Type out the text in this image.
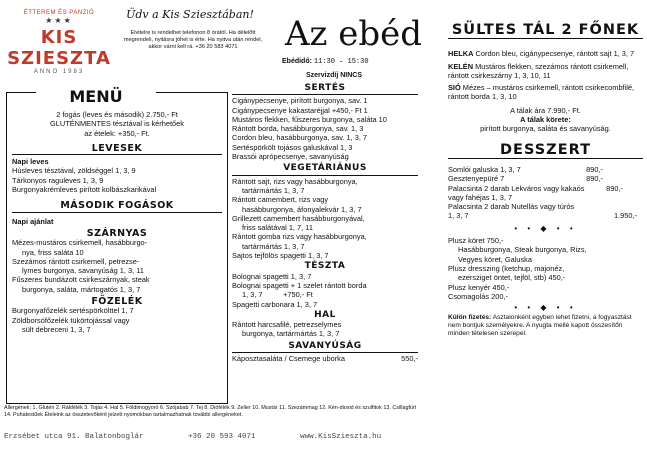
ÉTTEREM ÉS PANZIÓ
★★★
KIS SZIESZTA
ANNO 1983
Üdv a Kis Sziesztában!
Elvitelre is rendelhet telefonon 8 órától. Ha délelőtt megrendeli, nyitásra jöhet is érte. Ha nyitva után rendel, akkor várni kell rá. +36 20 583 4071	Az ebéd
Ebédidő: 11:30 – 15:30
Szervizdíj NINCS
MENÜ
2 fogás (leves és második) 2.750,- Ft
GLUTÉNMENTES tésztával is kérhetőek
az ételek: +350,- Ft.
LEVESEK
Napi leves
Húsleves tésztával, zöldséggel 1, 3, 9
Tárkonyos raguleves 1, 3, 9
Burgonyakrémleves pirított kolbászkarikával
MÁSODIK FOGÁSOK
Napi ajánlat
SZÁRNYAS
Mézes-mustáros csirkemell, hasábburgo-
nya, friss saláta 10
Szezámos rántott csirkemell, petrezse-
lymes burgonya, savanyúság 1, 3, 11
Fűszeres bundázott csirkeszárnyak, steak
burgonya, saláta, mártogatós 1, 3, 7
FŐZELÉK
Burgonyafőzelék sertéspörkölttel 1, 7
Zöldborsófőzelék tükörtojással vagy
sült debreceni 1, 3, 7
SERTÉS
Cigánypecsenye, pirított burgonya, sav. 1
Cigánypecsenye kakastaréjjal +450,- Ft 1
Mustáros flekken, fűszeres burgonya, saláta 10
Rántott borda, hasábburgonya, sav. 1, 3
Cordon bleu, hasábburgonya, sav. 1, 3, 7
Sertéspörkölt tojásos galuskával 1, 3
Brassói aprópecsenye, savanyúság
VEGETÁRIÁNUS
Rántott sajt, rizs vagy hasábburgonya,
tartármártás 1, 3, 7
Rántott camembert, rizs vagy
hasábburgonya, áfonyalekvár 1, 3, 7
Grillezett camembert hasábburgonyával,
friss salátával 1, 7, 11
Rántott gomba rizs vagy hasábburgonya,
tartármártás 1, 3, 7
Sajtos tejfölös spagetti 1, 3, 7
TÉSZTA
Bolognai spagetti 1, 3, 7
Bolognai spagetti + 1 szelet rántott borda
1, 3, 7          +750,- Ft
Spagetti carbonara 1, 3, 7
HAL
Rántott harcsafilé, petrezselymes
burgonya, tartármártás 1, 3, 7
SAVANYÚSÁG
Káposztasaláta / Csemege uborka	550,-
Allergének: 1. Glutén 2. Rákfélék 3. Tojás 4. Hal 5. Földimogyoró 6. Szójabab 7. Tej 8. Diófélék 9. Zeller 10. Mustár 11. Szezámmag 12. Kén-dioxid és szulfitok 13. Csillagfürt 14. Puhatestűek Ételeink az összetevőként jelzett nyomokban tartalmazhatnak további allergéneket.
Erzsébet utca 91. Balatonboglár	+36 20 593 4071	www.KisSzieszta.hu
SÜLTES TÁL 2 FŐNEK
HELKA Cordon bleu, cigánypecsenye, rántott sajt 1, 3, 7
KELÉN Mustáros flekken, szezámos rántott csirkemell, rántott csirkeszárny 1, 3, 10, 11
SIÓ Mézes – mustáros csirkemell, rántott csirkecombfilé, rántott borda 1, 3, 10
A tálak ára 7.990,- Ft.
A tálak körete:
pirított burgonya, saláta és savanyúság.
DESSZERT
Somlói galuska 1, 3, 7	890,-
Gesztenyepüré 7	890,-
Palacsinta 2 darab Lekváros vagy kakaós vagy fahéjas 1, 3, 7
890,-
Palacsinta 2 darab Nutellás vagy túrós 1, 3, 7	1.950,-
• • ◆ • •
Plusz köret 750,-
Hasábburgonya, Steak burgonya, Rizs,
Vegyes köret, Galuska
Plusz dresszing (ketchup, majonéz,
ezersziget öntet, tejföl, stb) 450,-
Plusz kenyér 450,-
Csomagolás 200,-
• • ◆ • •
Külön fizetés: Asztalonként egyben lehet fizetni, a fogyasztást nem bontjuk személyekre. A nyugta mellé kapott összesítőn minden tételesen szerepel.
